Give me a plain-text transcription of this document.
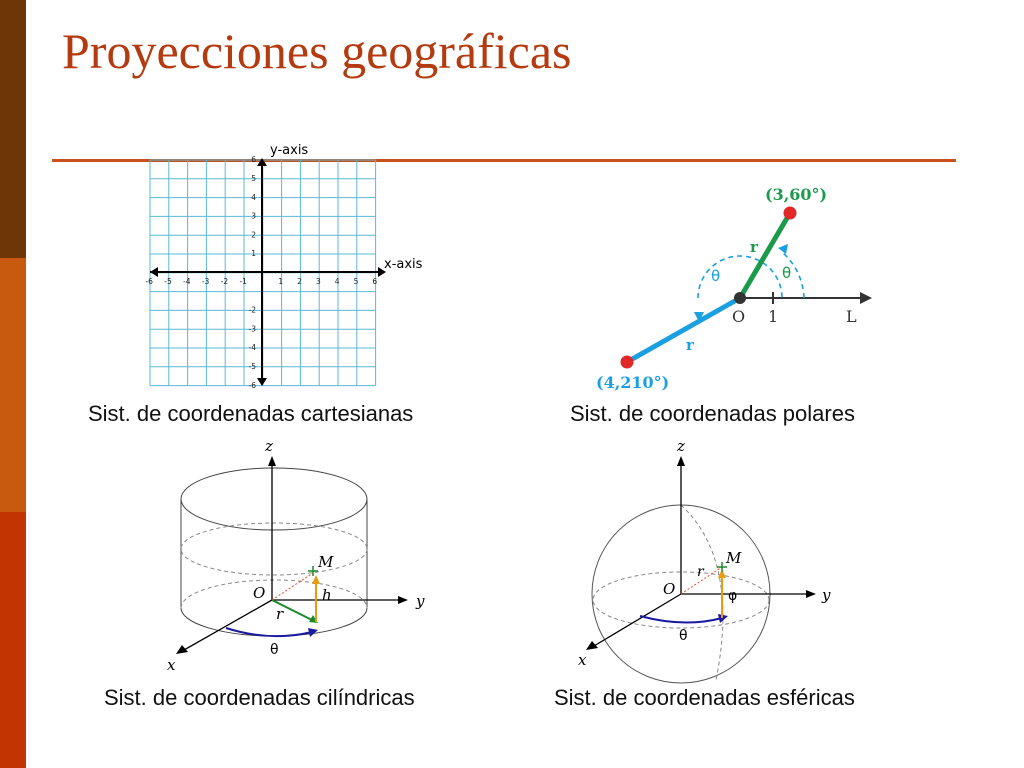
Proyecciones geográficas
y-axis
x-axis
-6 -5 -4 -3 -2 -1	1 2 3 4 5 6
6
5
4
3
2
1
-2
-3
-4
-5
-6
Sist. de coordenadas cartesianas
(3,60°)
(4,210°)
r
r
θ	θ
O 1	L
Sist. de coordenadas polares
z
y
x
O
M
h
r
θ
Sist. de coordenadas cilíndricas
z
y
x
O
M
r
φ
θ
Sist. de coordenadas esféricas
